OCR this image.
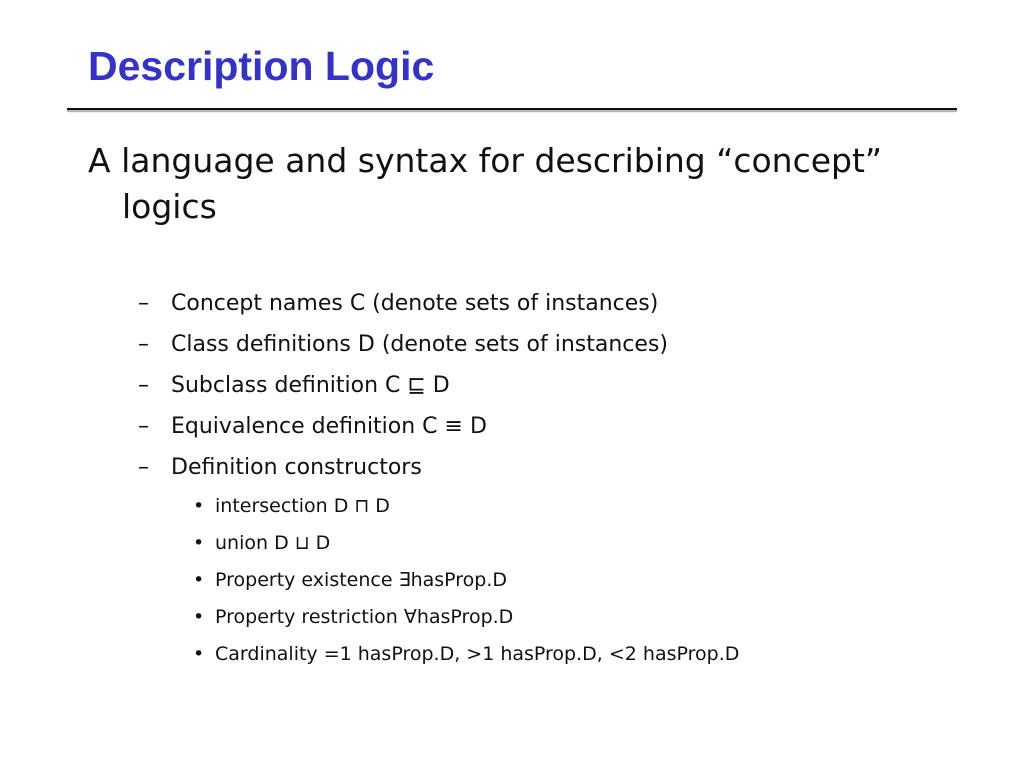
Description Logic

A language and syntax for describing “concept” logics

– Concept names C (denote sets of instances)
– Class definitions D (denote sets of instances)
– Subclass definition C ⊑ D
– Equivalence definition C ≡ D
– Definition constructors
• intersection D ⊓ D
• union D ⊔ D
• Property existence ∃hasProp.D
• Property restriction ∀hasProp.D
• Cardinality =1 hasProp.D, >1 hasProp.D, <2 hasProp.D
